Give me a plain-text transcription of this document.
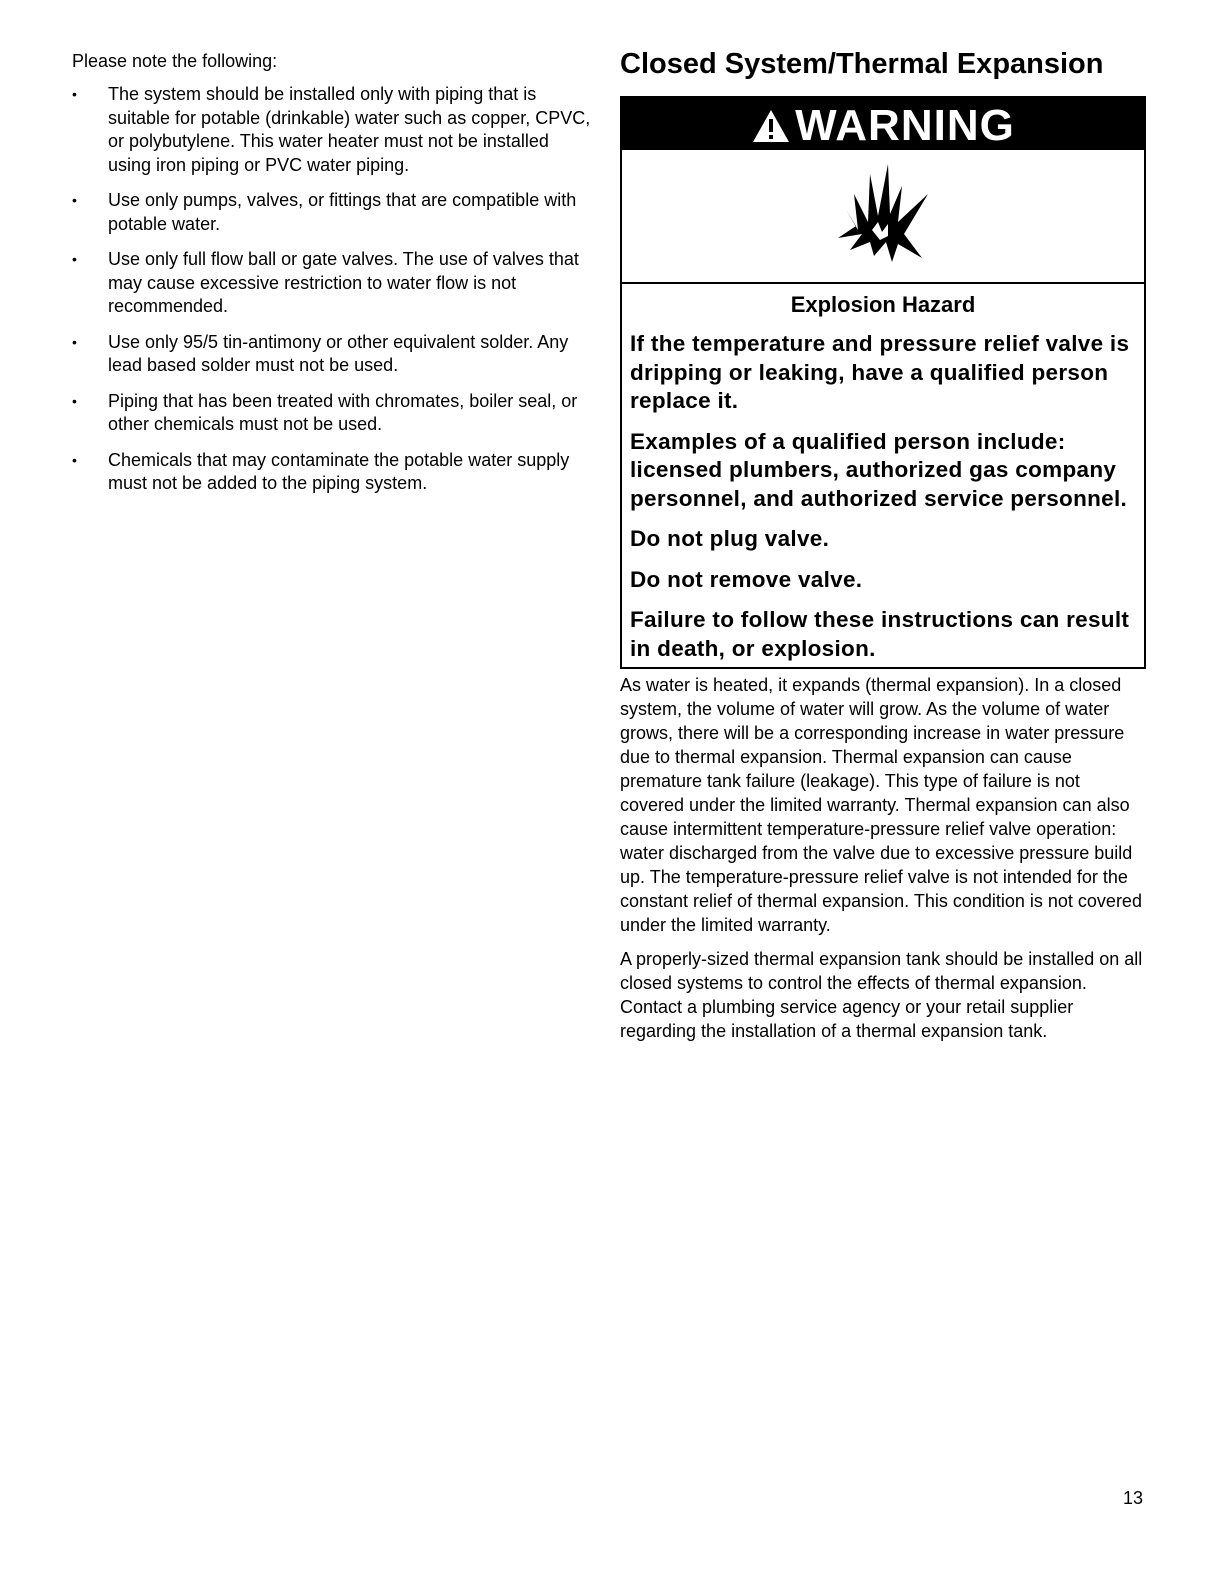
Please note the following:

• The system should be installed only with piping that is suitable for potable (drinkable) water such as copper, CPVC, or polybutylene. This water heater must not be installed using iron piping or PVC water piping.
• Use only pumps, valves, or fittings that are compatible with potable water.
• Use only full flow ball or gate valves. The use of valves that may cause excessive restriction to water flow is not recommended.
• Use only 95/5 tin-antimony or other equivalent solder. Any lead based solder must not be used.
• Piping that has been treated with chromates, boiler seal, or other chemicals must not be used.
• Chemicals that may contaminate the potable water supply must not be added to the piping system.
Closed System/Thermal Expansion
WARNING
Explosion Hazard

If the temperature and pressure relief valve is dripping or leaking, have a qualified person replace it.

Examples of a qualified person include: licensed plumbers, authorized gas company personnel, and authorized service personnel.

Do not plug valve.

Do not remove valve.

Failure to follow these instructions can result in death, or explosion.

As water is heated, it expands (thermal expansion). In a closed system, the volume of water will grow. As the volume of water grows, there will be a corresponding increase in water pressure due to thermal expansion. Thermal expansion can cause premature tank failure (leakage). This type of failure is not covered under the limited warranty. Thermal expansion can also cause intermittent temperature-pressure relief valve operation: water discharged from the valve due to excessive pressure build up. The temperature-pressure relief valve is not intended for the constant relief of thermal expansion. This condition is not covered under the limited warranty.

A properly-sized thermal expansion tank should be installed on all closed systems to control the effects of thermal expansion. Contact a plumbing service agency or your retail supplier regarding the installation of a thermal expansion tank.

13
